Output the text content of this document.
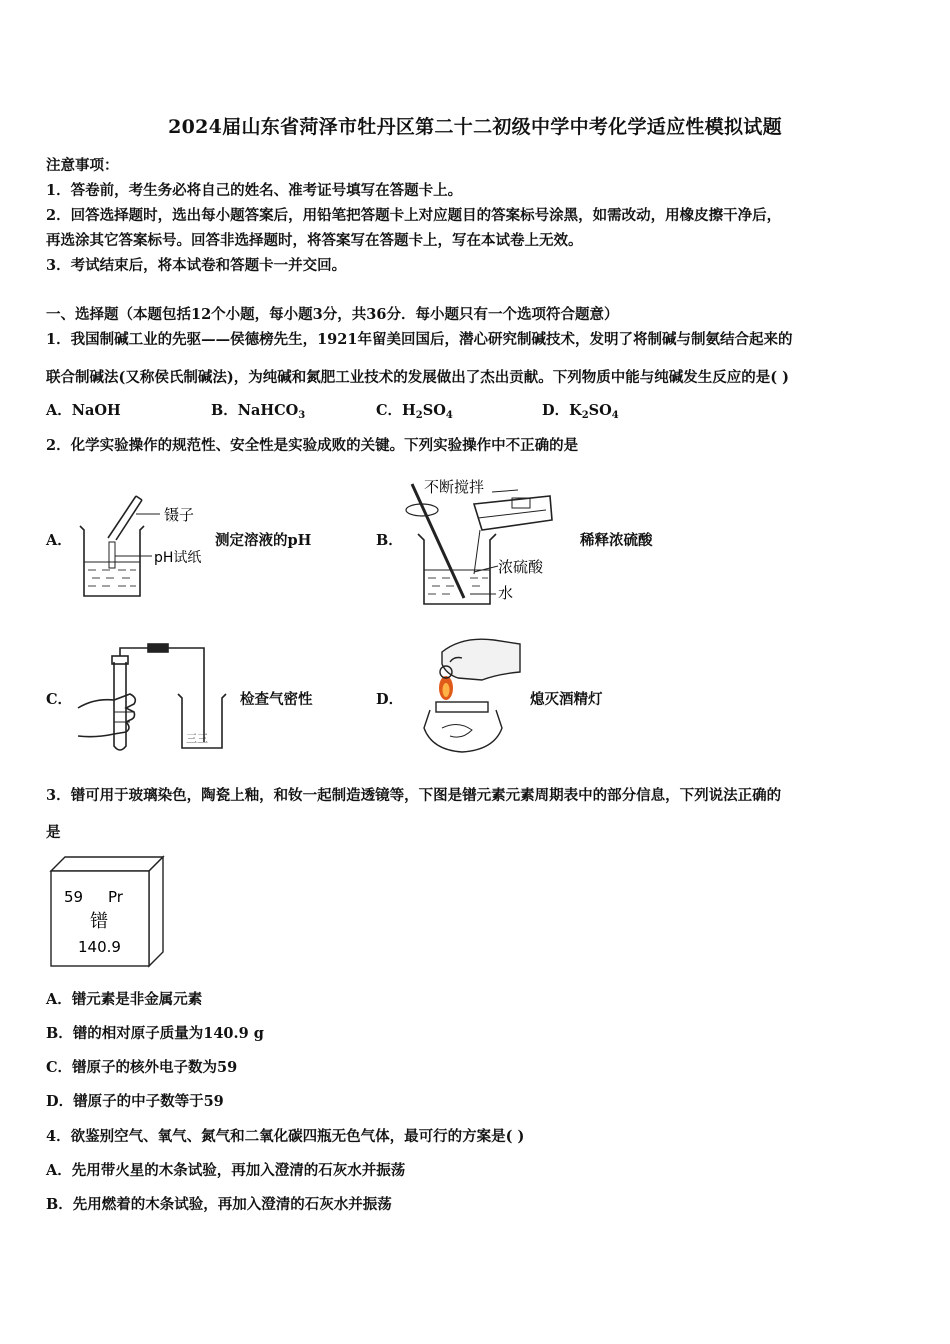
2024届山东省菏泽市牡丹区第二十二初级中学中考化学适应性模拟试题
注意事项：
1．答卷前，考生务必将自己的姓名、准考证号填写在答题卡上。
2．回答选择题时，选出每小题答案后，用铅笔把答题卡上对应题目的答案标号涂黑，如需改动，用橡皮擦干净后，
再选涂其它答案标号。回答非选择题时，将答案写在答题卡上，写在本试卷上无效。
3．考试结束后，将本试卷和答题卡一并交回。
一、选择题（本题包括12个小题，每小题3分，共36分．每小题只有一个选项符合题意）
1．我国制碱工业的先驱——侯德榜先生，1921年留美回国后，潜心研究制碱技术，发明了将制碱与制氨结合起来的
联合制碱法(又称侯氏制碱法)，为纯碱和氮肥工业技术的发展做出了杰出贡献。下列物质中能与纯碱发生反应的是( )
A．NaOH	B．NaHCO$_3$	C．$H_2SO_4$	D．$K_2SO_4$
2．化学实验操作的规范性、安全性是实验成败的关键。下列实验操作中不正确的是
A．
镊子
pH试纸
测定溶液的pH	B．
不断搅拌
浓硫酸
水
稀释浓硫酸
C．
三三
检查气密性	D．	熄灭酒精灯
3．镨可用于玻璃染色，陶瓷上釉，和钕一起制造透镜等，下图是镨元素元素周期表中的部分信息，下列说法正确的
是
59 Pr
镨
140.9
A．镨元素是非金属元素
B．镨的相对原子质量为140.9 g
C．镨原子的核外电子数为59
D．镨原子的中子数等于59
4．欲鉴别空气、氧气、氮气和二氧化碳四瓶无色气体，最可行的方案是( )
A．先用带火星的木条试验，再加入澄清的石灰水并振荡
B．先用燃着的木条试验，再加入澄清的石灰水并振荡
